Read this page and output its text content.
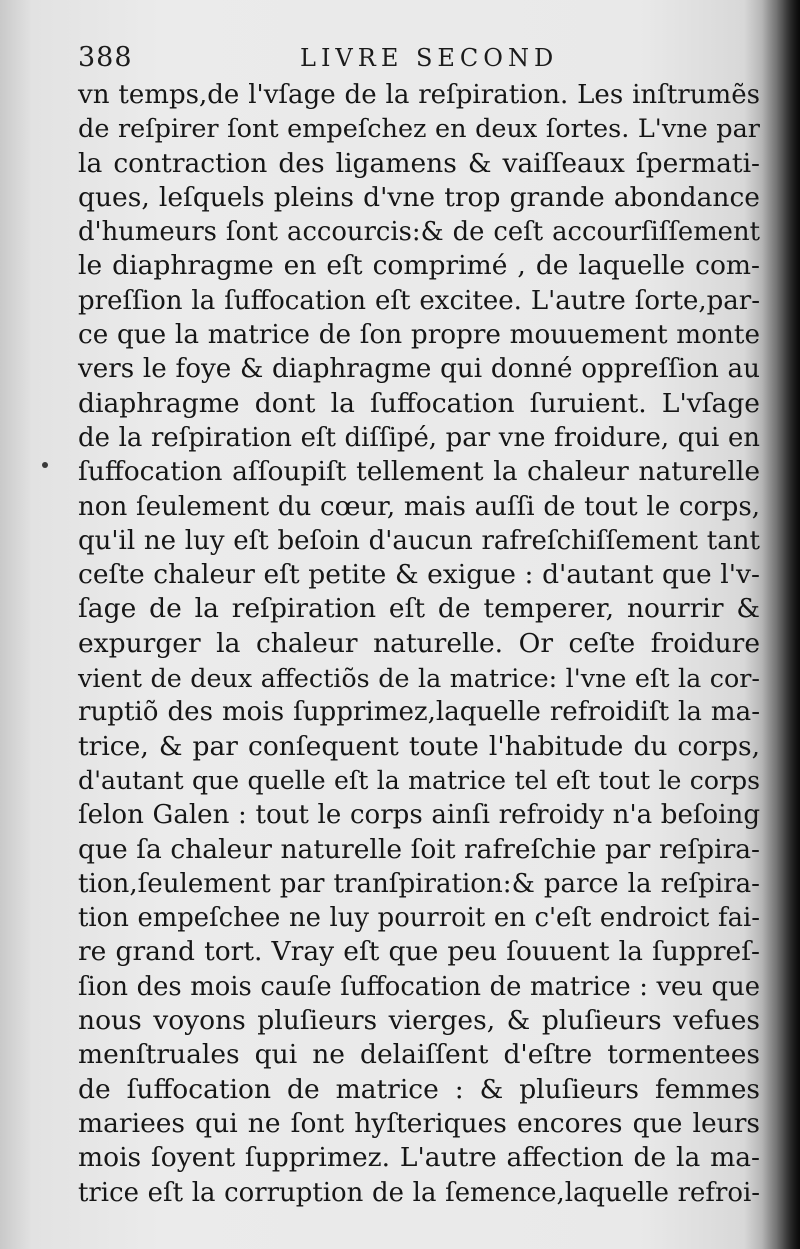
388	LIVRE SECOND
vn temps,de l'vſage de la reſpiration. Les inſtrumẽs
de reſpirer ſont empeſchez en deux ſortes. L'vne par
la contraction des ligamens & vaiſſeaux ſpermati-
ques, leſquels pleins d'vne trop grande abondance
d'humeurs ſont accourcis:& de ceſt accourſiſſement
le diaphragme en eſt comprimé , de laquelle com-
preſſion la ſuffocation eſt excitee. L'autre ſorte,par-
ce que la matrice de ſon propre mouuement monte
vers le foye & diaphragme qui donné oppreſſion au
diaphragme dont la ſuffocation ſuruient. L'vſage
de la reſpiration eſt diſſipé, par vne froidure, qui en
ſuffocation aſſoupiſt tellement la chaleur naturelle
non ſeulement du cœur, mais auſſi de tout le corps,
qu'il ne luy eſt beſoin d'aucun rafreſchiſſement tant
ceſte chaleur eſt petite & exigue : d'autant que l'v-
ſage de la reſpiration eſt de temperer, nourrir &
expurger la chaleur naturelle. Or ceſte froidure
vient de deux affectiõs de la matrice: l'vne eſt la cor-
ruptiõ des mois ſupprimez,laquelle refroidiſt la ma-
trice, & par conſequent toute l'habitude du corps,
d'autant que quelle eſt la matrice tel eſt tout le corps
ſelon Galen : tout le corps ainſi refroidy n'a beſoing
que ſa chaleur naturelle ſoit rafreſchie par reſpira-
tion,ſeulement par tranſpiration:& parce la reſpira-
tion empeſchee ne luy pourroit en c'eſt endroict fai-
re grand tort. Vray eſt que peu ſouuent la ſuppreſ-
ſion des mois cauſe ſuffocation de matrice : veu que
nous voyons pluſieurs vierges, & pluſieurs vefues
menſtruales qui ne delaiſſent d'eſtre tormentees
de ſuffocation de matrice : & pluſieurs femmes
mariees qui ne ſont hyſteriques encores que leurs
mois ſoyent ſupprimez. L'autre affection de la ma-
trice eſt la corruption de la ſemence,laquelle refroi-
